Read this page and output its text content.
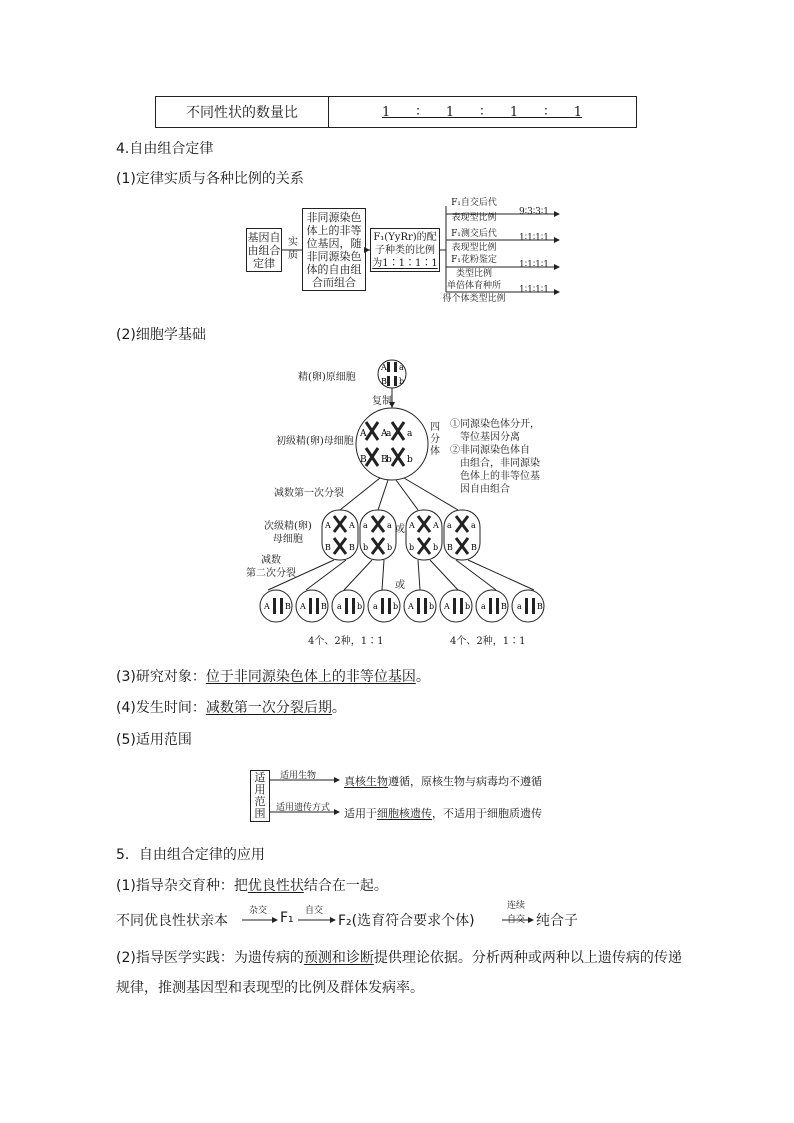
不同性状的数量比	1 ∶ 1 ∶ 1 ∶ 1
4.自由组合定律
(1)定律实质与各种比例的关系
基因自
由组合
定律
实
质
非同源染色
体上的非等
位基因，随
非同源染色
体的自由组
合而组合
F₁(YyRr)的配
子种类的比例
为1∶1∶1∶1
F₁自交后代
表现型比例
9∶3∶3∶1
F₁测交后代
表现型比例
1∶1∶1∶1
F₁花粉鉴定
类型比例
1∶1∶1∶1
单倍体育种所
得个体类型比例
1∶1∶1∶1
(2)细胞学基础
A a
B b
A A
a a
B B
b b
A A
B B
a a
b b
A A
b b
a a
B B
A B A B a b a b A b A b a B a B
精(卵)原细胞
复制
初级精(卵)母细胞
四
分
体
①同源染色体分开，
等位基因分离
②非同源染色体自
由组合，非同源染
色体上的非等位基
因自由组合
减数第一次分裂
次级精(卵)
母细胞
或
或
减数
第二次分裂
4个、2种，1∶1	4个、2种，1∶1
(3)研究对象：位于非同源染色体上的非等位基因。
(4)发生时间：减数第一次分裂后期。
(5)适用范围
适
用
范
围
适用生物
适用遗传方式
真核生物遵循，原核生物与病毒均不遵循
适用于细胞核遗传，不适用于细胞质遗传
5．自由组合定律的应用
(1)指导杂交育种：把优良性状结合在一起。
不同优良性状亲本
杂交 F₁ 自交
F₂(选育符合要求个体)
连续
自交 纯合子
(2)指导医学实践：为遗传病的预测和诊断提供理论依据。分析两种或两种以上遗传病的传递
规律，推测基因型和表现型的比例及群体发病率。
